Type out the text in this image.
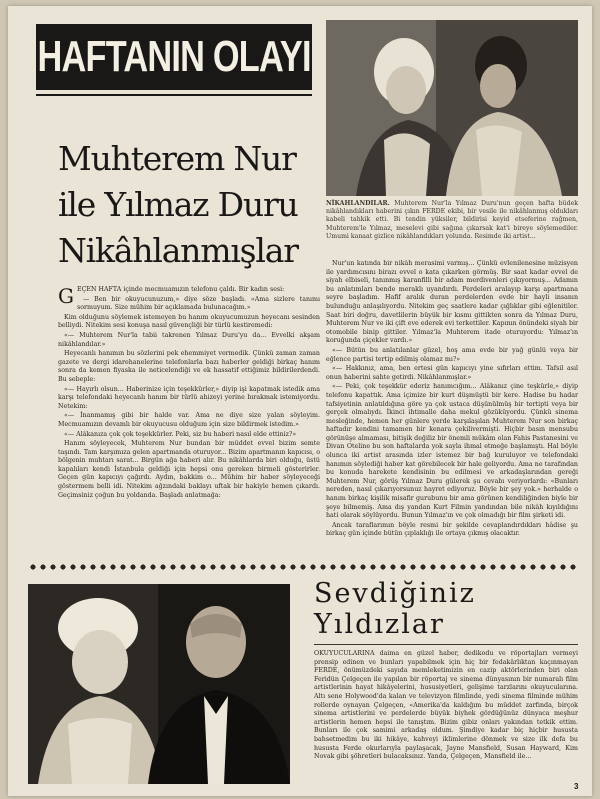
HAFTANIN OLAYI
Muhterem Nur
ile Yılmaz Duru
Nikâhlanmışlar
NİKAHLANDILAR. Muhterem Nur'la Yılmaz Duru'nun geçen hafta büdek nikâhlandıkları haberini çıkın FERDE ekibi, bir vesile ile nikâhlanmış oldukları kabeli tahkik etti. Bi tendin yüksiler, bildirisi keyid etseferine rağmen, Muhterem'le Yılmaz, meselevi gibi sağına çıkarsak kat'i bireye söylemediler. Umumi kanaat gizlice nikâhlandıkları yolunda. Resimde iki artist...

GEÇEN HAFTA içinde mecmuamızın telefonu çaldı. Bir kadın sesi:

— Ben bir okuyucunuzum,» diye söze başladı. «Ama sizlere tanımı sormuyum. Size mühim bir açıklamada bulunacağım.»

Kim olduğunu söylemek istemeyen bu hanım okuyucumuzun heyecanı sesinden belliydi. Nitekim sesi konuşa nasıl güvençliği bir türlü kestiremedi:

«— Muhterem Nur'la tabii takrenen Yılmaz Duru'yu da... Evvelki akşam nikâhlandılar.»

Heyecanlı hanımın bu sözlerini pek ehemmiyet vermedik. Çünkü zaman zaman gazete ve dergi idarehanelerine telefonlarla bazı haberler geldiği birkaç hanım sonra da kemen fiyaska ile neticelendiği ve ek hassatif ettiğimiz bildirilerdendi. Bu sebeple:

«— Hayırlı olsun... Haberinize için teşekkürler,» diyip işi kapatmak istedik ama karşı telefondaki heyecanlı hanım bir türlü ahizeyi yerine bırakmak istemiyordu. Netekim:

«— İnanmamış gibi bir halde var. Ama ne diye size yalan söyleyim. Mecmuamızın devamlı bir okuyucusu olduğum için size bildirmek istedim.»

«— Alâkanıza çok çok teşekkürler. Peki, siz bu haberi nasıl elde ettiniz?»

Hanım söyleyecek, Muhterem Nur bundan bir müddet evvel bizim semte taşındı. Tam karşımıza gelen apartmanda oturuyor... Bizim apartmanın kapıcısı, o bölgenin muhtarı sarat... Birgün ağa haberi alır. Bu nikâhlarda biri olduğu, üstü kapalıları kendi İstanbula geldiği için hepsi onu gereken birmeli gösterirler. Geçen gün kapıcıyı çağırdı. Aydın, bakkim o... Mühim bir haber söyleyeceği göstermem belli idi. Nitekim ağzındaki baklayı uftak bir hakiyle hemen çıkardı. Geçimsiniz çoğun bu yoldanda. Başladı anlatmağa:

Nur'un katında bir nikâh merasimi varmış... Çünkü evlenilenesine müzisyen ile yardımcısını birazı evvel o kata çıkarken görmüş. Bir saat kadar evvel de siyah elbiseli, tanınmış karanfilli bir adam merdivenleri çıkıyormuş... Adamın bu anlatımları bende meraklı uyandırdı. Perdeleri aralayıp karşı apartmana seyre başladım. Hafif aralık duran perdelerden evde bir hayli insanın bulunduğu anlaşılıyordu. Nitekim geç saatlere kadar çığlıklar gibi eğlenitiler. Saat biri doğru, davetlilerin büyük bir kısmı gittikten sonra da Yılmaz Duru, Muhterem Nur ve iki çift eve ederek evi terkettiler. Kapının önündeki siyah bir otomobile binip gittiler. Yılmaz'la Muhterem itade oturuyordu: Yılmaz'ın koruğunda çiçekler vardı.»

«— Bütün bu anlatılanlar güzel, hoş ama evde bir yağ günlü veya bir eğlence partisi tertip edilmiş olamaz mı?»

«— Hakkınız, ama, ben ertesi gün kapıcıyı yine sıfırları ettim. Tafsil asıl onun haberini sahte getirdi. Nikâhlanmışlar.»

«— Peki, çok teşekkür ederiz hanımcığım... Alâkanız çine teşkürle,» diyip telefonu kapattık. Ama içimize bir kurt düşmüştü bir kere. Hadise bu hadar tafsiyetinin anlatıldığına göre ya çok ustaca düşünülmüş bir tertipti veya bir gerçek olmalıydı. İkinci ihtimalle daha mekul gözüküyordu. Çünkü sinema mesleğinde, hemen her günlere yerde karşılaşılan Muhterem Nur son birkaç haftadır kendini tamamen bir kenara çekilivermişti. Hiçbir basın mensubu görünüşe almaması, bitişik değiliz bir önemli mükâm olan Fahis Pastanesini ve Divan Oteline bu son haftalarda yok sayla ihmal etmeğe başlamıştı. Hal böyle olunca iki artist arasında izler istemez bir bağ kuruluyor ve telefondaki hanımın söylediği haber kat görebilecek bir hale geliyordu. Ama ne tarafından bu konuda harekete kendisinin bu edilmesi ve arkadaşlarından gereği Muhterem Nur, görüş Yılmaz Duru gülerek şu cevabı veriyorlardı: «Bunları nereden, nasıl çıkarıyorsunuz hayret ediyoruz. Böyle bir şey yok.» herhalde o hanım birkaç kişilik misafir gurubunu bir ama görünen kendiliğinden biyle bir şeye bilmemiş. Ama dış yandan Kurt Filmin yandından bile nikâh kıyıldığını hati olarak söylüyordu. Bunun Yılmaz'ın ve çok olmadığı bir film şirketi idi.

Ancak taraflarımın böyle resmi bir şekilde cevaplandırdıkları hâdise şu birkaç gün içinde bütün çıplaklığı ile ortaya çıkmış olacaktır.

Sevdiğiniz
Yıldızlar

OKUYUCULARINA daima en güzel haber, dedikodu ve röportajları vermeyi prensip edinen ve bunları yapabilmek için hiç bir fedakârlıktan kaçınmayan FERDE, önümüzdeki sayıda memleketimizin en cazip aktörlerinden biri olan Feridün Çelgeçen ile yapılan bir röportaj ve sinema dünyasının bir numaralı film artistlerinin hayat hikâyelerini, hususiyetleri, gelişime tarzlarını okuyucularına. Altı sene Holywood'da kalan ve televizyon filmlinde, yedi sinema filminde mühim rollerde oynayan Çelgeçen, «Amerika'da kaldığım bu müddet zarfında, birçok sinema artistlerini ve perdelerde büyük biyhek gördüğünüz dünyaca meşhur artistlerin hemen hepsi ile tanıştım. Bizim gibiz onları yakından tetkik ettim. Bunları ile çok samimi arkadaş oldum. Şimdiye kadar biç hiçbir hususta bahsetmedim bu iki hikâye, kahveyi iklimlerine dönmek ve size ilk defa bu hususta Ferde okurlarıyla paylaşacak, Jayne Mansfield, Susan Hayward, Kim Novak gibi şöhretleri bulacaksınız. Yanda, Çelgeçen, Mansfield ile...

3
